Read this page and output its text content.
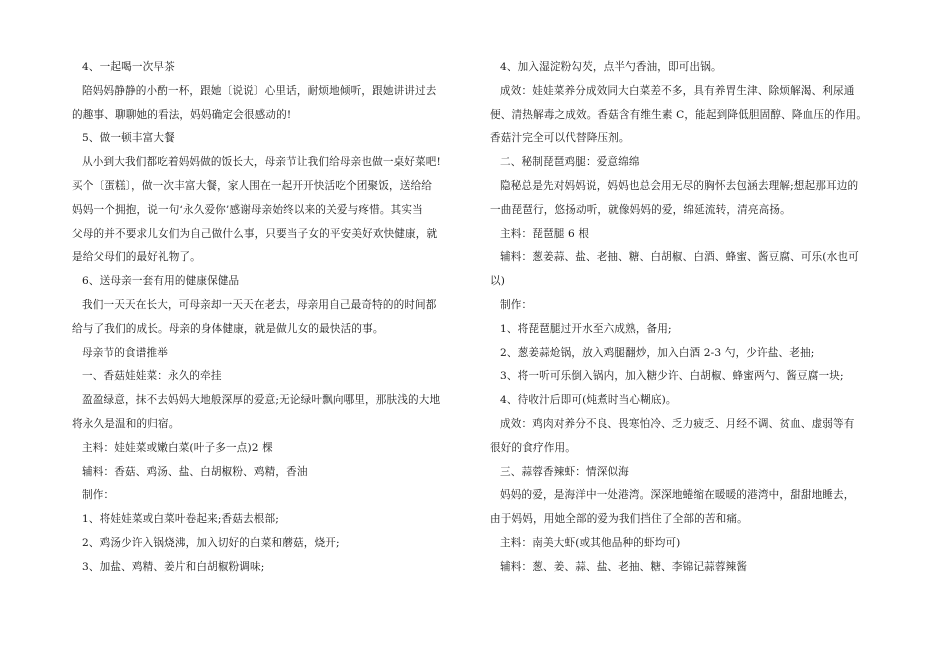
4、一起喝一次早茶

陪妈妈静静的小酌一杯，跟她〔说说〕心里话，耐烦地倾听，跟她讲讲过去

的趣事、聊聊她的看法，妈妈确定会很感动的!

5、做一顿丰富大餐

从小到大我们都吃着妈妈做的饭长大，母亲节让我们给母亲也做一桌好菜吧!

买个〔蛋糕〕，做一次丰富大餐，家人围在一起开开快活吃个团聚饭，送给给

妈妈一个拥抱，说一句‘永久爱你’感谢母亲始终以来的关爱与疼惜。其实当

父母的并不要求儿女们为自己做什么事，只要当子女的平安美好欢快健康，就

是给父母们的最好礼物了。

6、送母亲一套有用的健康保健品

我们一天天在长大，可母亲却一天天在老去，母亲用自己最奇特的的时间都

给与了我们的成长。母亲的身体健康，就是做儿女的最快活的事。

母亲节的食谱推举

一、香菇娃娃菜：永久的牵挂

盈盈绿意，抹不去妈妈大地般深厚的爱意;无论绿叶飘向哪里，那肤浅的大地

将永久是温和的归宿。

主料：娃娃菜或嫩白菜(叶子多一点)2 棵

辅料：香菇、鸡汤、盐、白胡椒粉、鸡精，香油

制作：

1、将娃娃菜或白菜叶卷起来;香菇去根部;

2、鸡汤少许入锅烧沸，加入切好的白菜和蘑菇，烧开;

3、加盐、鸡精、姜片和白胡椒粉调味;

4、加入湿淀粉勾芡，点半勺香油，即可出锅。

成效：娃娃菜养分成效同大白菜差不多，具有养胃生津、除烦解渴、利尿通

便、清热解毒之成效。香菇含有维生素 C，能起到降低胆固醇、降血压的作用。

香菇汁完全可以代替降压剂。

二、秘制琵琶鸡腿：爱意绵绵

隐秘总是先对妈妈说，妈妈也总会用无尽的胸怀去包涵去理解;想起那耳边的

一曲琵琶行，悠扬动听，就像妈妈的爱，绵延流转，清亮高扬。

主料：琵琶腿 6 根

辅料：葱姜蒜、盐、老抽、糖、白胡椒、白酒、蜂蜜、酱豆腐、可乐(水也可

以)

制作：

1、将琵琶腿过开水至六成熟，备用;

2、葱姜蒜炝锅，放入鸡腿翻炒，加入白酒 2-3 勺，少许盐、老抽;

3、将一听可乐倒入锅内，加入糖少许、白胡椒、蜂蜜两勺、酱豆腐一块;

4、待收汁后即可(炖煮时当心糊底)。

成效：鸡肉对养分不良、畏寒怕冷、乏力疲乏、月经不调、贫血、虚弱等有

很好的食疗作用。

三、蒜蓉香辣虾：情深似海

妈妈的爱，是海洋中一处港湾。深深地蜷缩在暖暖的港湾中，甜甜地睡去，

由于妈妈，用她全部的爱为我们挡住了全部的苦和痛。

主料：南美大虾(或其他品种的虾均可)

辅料：葱、姜、蒜、盐、老抽、糖、李锦记蒜蓉辣酱
